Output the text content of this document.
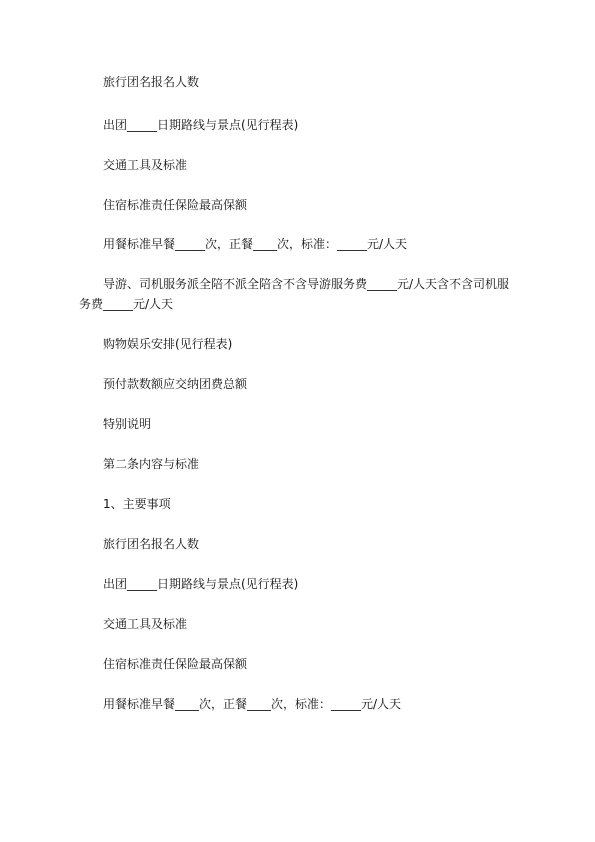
旅行团名报名人数

出团_____日期路线与景点(见行程表)

交通工具及标准

住宿标准责任保险最高保额

用餐标准早餐_____次，正餐____次，标准：_____元/人天

导游、司机服务派全陪不派全陪含不含导游服务费_____元/人天含不含司机服务费_____元/人天

购物娱乐安排(见行程表)

预付款数额应交纳团费总额

特别说明

第二条内容与标准

1、主要事项

旅行团名报名人数

出团_____日期路线与景点(见行程表)

交通工具及标准

住宿标准责任保险最高保额

用餐标准早餐____次，正餐____次，标准：_____元/人天
